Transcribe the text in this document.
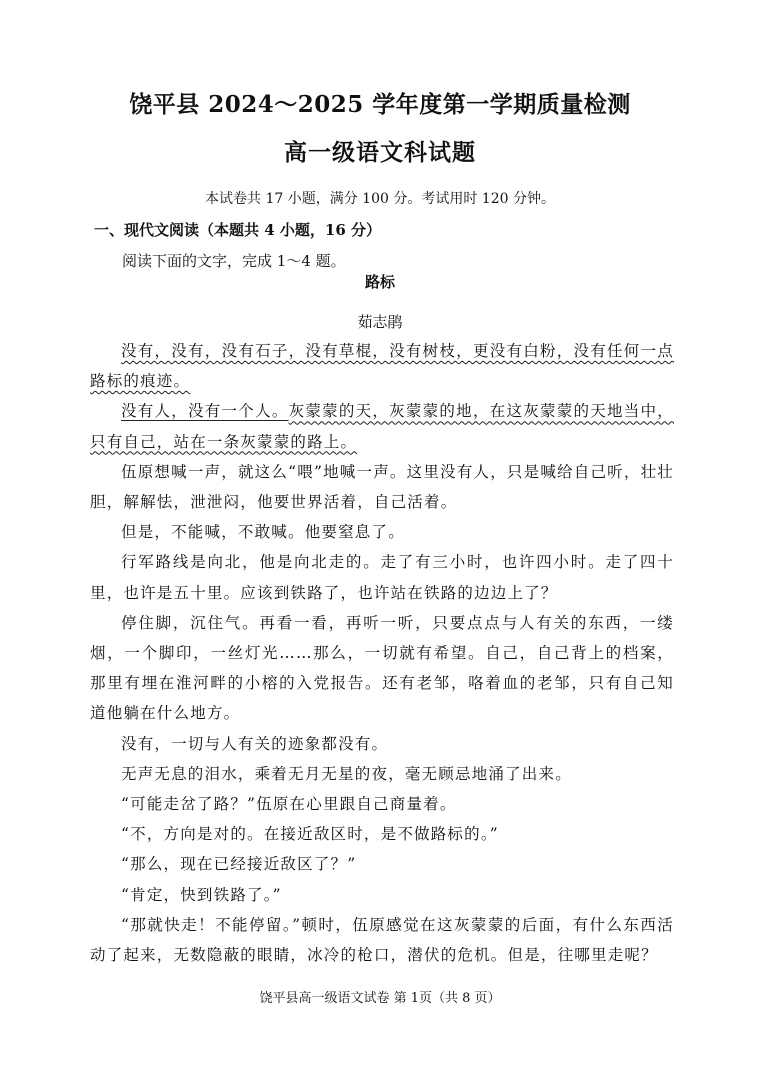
饶平县 2024～2025 学年度第一学期质量检测
高一级语文科试题
本试卷共 17 小题，满分 100 分。考试用时 120 分钟。
一、现代文阅读（本题共 4 小题，16 分）
阅读下面的文字，完成 1～4 题。
路标
茹志鹃

没有，没有，没有石子，没有草棍，没有树枝，更没有白粉，没有任何一点路标的痕迹。

没有人，没有一个人。灰蒙蒙的天，灰蒙蒙的地，在这灰蒙蒙的天地当中，只有自己，站在一条灰蒙蒙的路上。

伍原想喊一声，就这么“喂”地喊一声。这里没有人，只是喊给自己听，壮壮胆，解解怯，泄泄闷，他要世界活着，自己活着。

但是，不能喊，不敢喊。他要窒息了。

行军路线是向北，他是向北走的。走了有三小时，也许四小时。走了四十里，也许是五十里。应该到铁路了，也许站在铁路的边边上了？

停住脚，沉住气。再看一看，再听一听，只要点点与人有关的东西，一缕烟，一个脚印，一丝灯光……那么，一切就有希望。自己，自己背上的档案，那里有埋在淮河畔的小榕的入党报告。还有老邹，咯着血的老邹，只有自己知道他躺在什么地方。

没有，一切与人有关的迹象都没有。

无声无息的泪水，乘着无月无星的夜，毫无顾忌地涌了出来。

“可能走岔了路？”伍原在心里跟自己商量着。

“不，方向是对的。在接近敌区时，是不做路标的。”

“那么，现在已经接近敌区了？”

“肯定，快到铁路了。”

“那就快走！不能停留。”顿时，伍原感觉在这灰蒙蒙的后面，有什么东西活动了起来，无数隐蔽的眼睛，冰冷的枪口，潜伏的危机。但是，往哪里走呢？

饶平县高一级语文试卷 第 1页（共 8 页）
